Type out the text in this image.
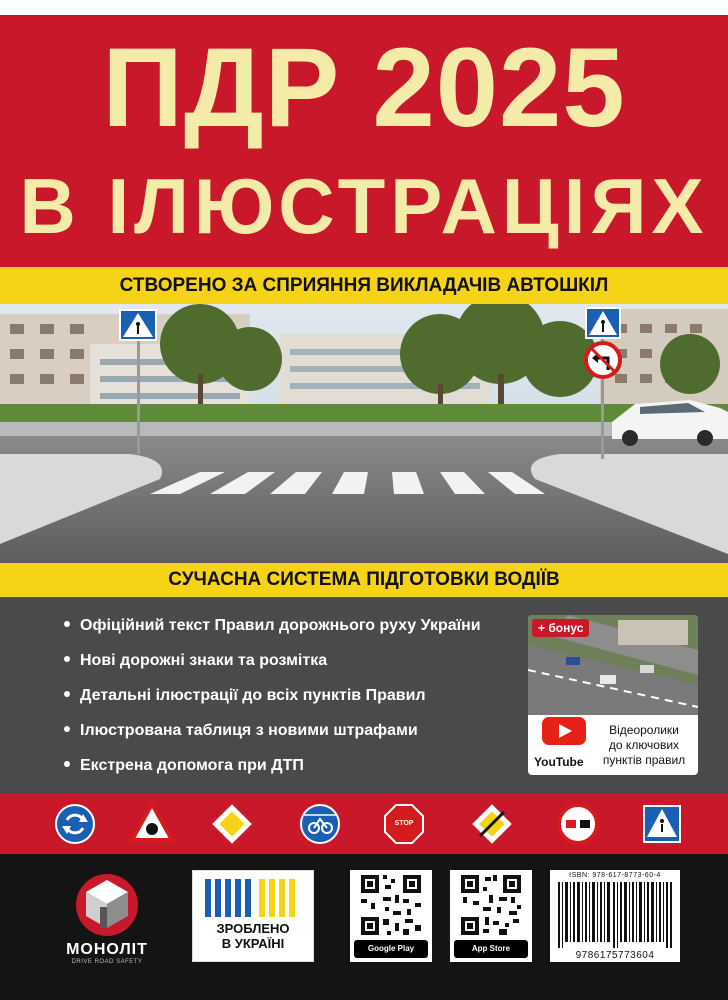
ПДР 2025
В ІЛЮСТРАЦІЯХ
СТВОРЕНО ЗА СПРИЯННЯ ВИКЛАДАЧІВ АВТОШКІЛ
СУЧАСНА СИСТЕМА ПІДГОТОВКИ ВОДІЇВ
Офіційний текст Правил дорожнього руху України
Нові дорожні знаки та розмітка
Детальні ілюстрації до всіх пунктів Правил
Ілюстрована таблиця з новими штрафами
Екстрена допомога при ДТП
+ бонус
YouTube
Відеоролики
до ключових
пунктів правил
STOP
МОНОЛІТ
DRIVE ROAD SAFETY
ЗРОБЛЕНО
В УКРАЇНІ	Google Play	App Store
ISBN: 978-617-8773-60-4
9786175773604
